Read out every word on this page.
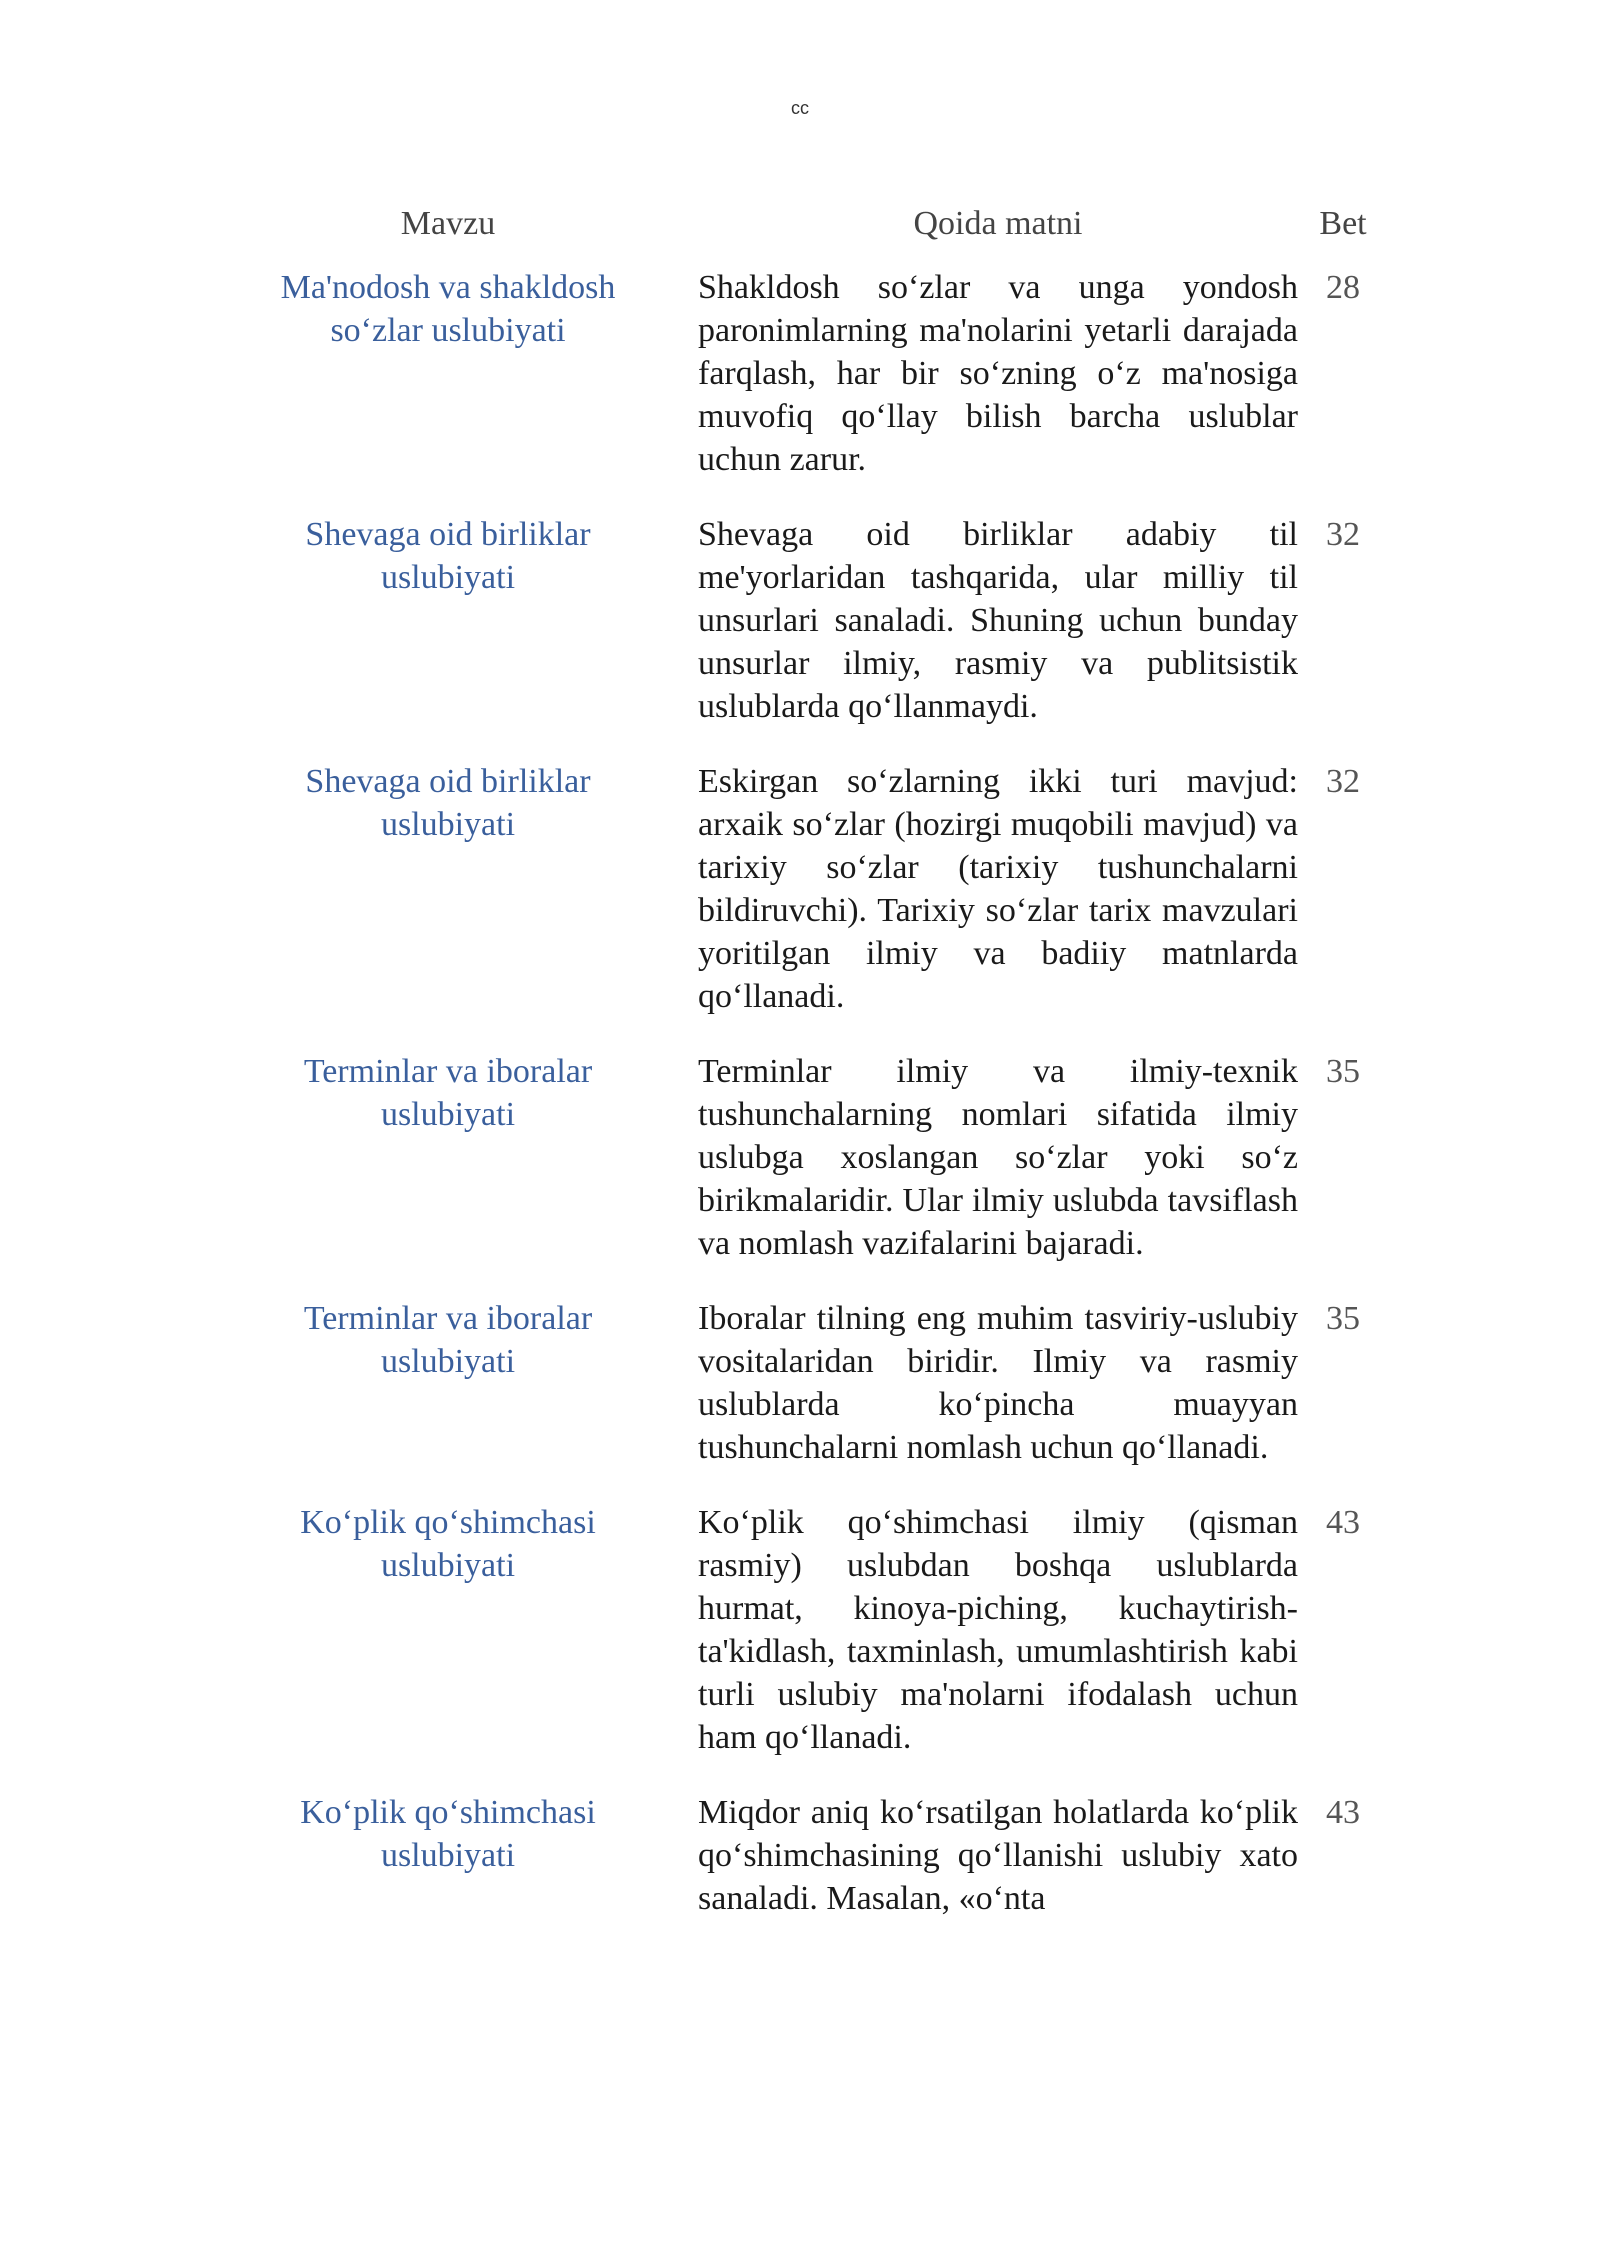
cc
Mavzu	Qoida matni	Bet
Ma'nodosh va shakldosh so‘zlar uslubiyati
Shakldosh so‘zlar va unga yondosh paronimlarning ma'nolarini yetarli darajada farqlash, har bir so‘zning o‘z ma'nosiga muvofiq qo‘llay bilish barcha uslublar uchun zarur.
28
Shevaga oid birliklar uslubiyati
Shevaga oid birliklar adabiy til me'yorlaridan tashqarida, ular milliy til unsurlari sanaladi. Shuning uchun bunday unsurlar ilmiy, rasmiy va publitsistik uslublarda qo‘llanmaydi.
32
Shevaga oid birliklar uslubiyati
Eskirgan so‘zlarning ikki turi mavjud: arxaik so‘zlar (hozirgi muqobili mavjud) va tarixiy so‘zlar (tarixiy tushunchalarni bildiruvchi). Tarixiy so‘zlar tarix mavzulari yoritilgan ilmiy va badiiy matnlarda qo‘llanadi.
32
Terminlar va iboralar uslubiyati
Terminlar ilmiy va ilmiy-texnik tushunchalarning nomlari sifatida ilmiy uslubga xoslangan so‘zlar yoki so‘z birikmalaridir. Ular ilmiy uslubda tavsiflash va nomlash vazifalarini bajaradi.
35
Terminlar va iboralar uslubiyati
Iboralar tilning eng muhim tasviriy-uslubiy vositalaridan biridir. Ilmiy va rasmiy uslublarda ko‘pincha muayyan tushunchalarni nomlash uchun qo‘llanadi.
35
Ko‘plik qo‘shimchasi uslubiyati
Ko‘plik qo‘shimchasi ilmiy (qisman rasmiy) uslubdan boshqa uslublarda hurmat, kinoya-piching, kuchaytirish-ta'kidlash, taxminlash, umumlashtirish kabi turli uslubiy ma'nolarni ifodalash uchun ham qo‘llanadi.
43
Ko‘plik qo‘shimchasi uslubiyati
Miqdor aniq ko‘rsatilgan holatlarda ko‘plik qo‘shimchasining qo‘llanishi uslubiy xato sanaladi. Masalan, «o‘nta
43
